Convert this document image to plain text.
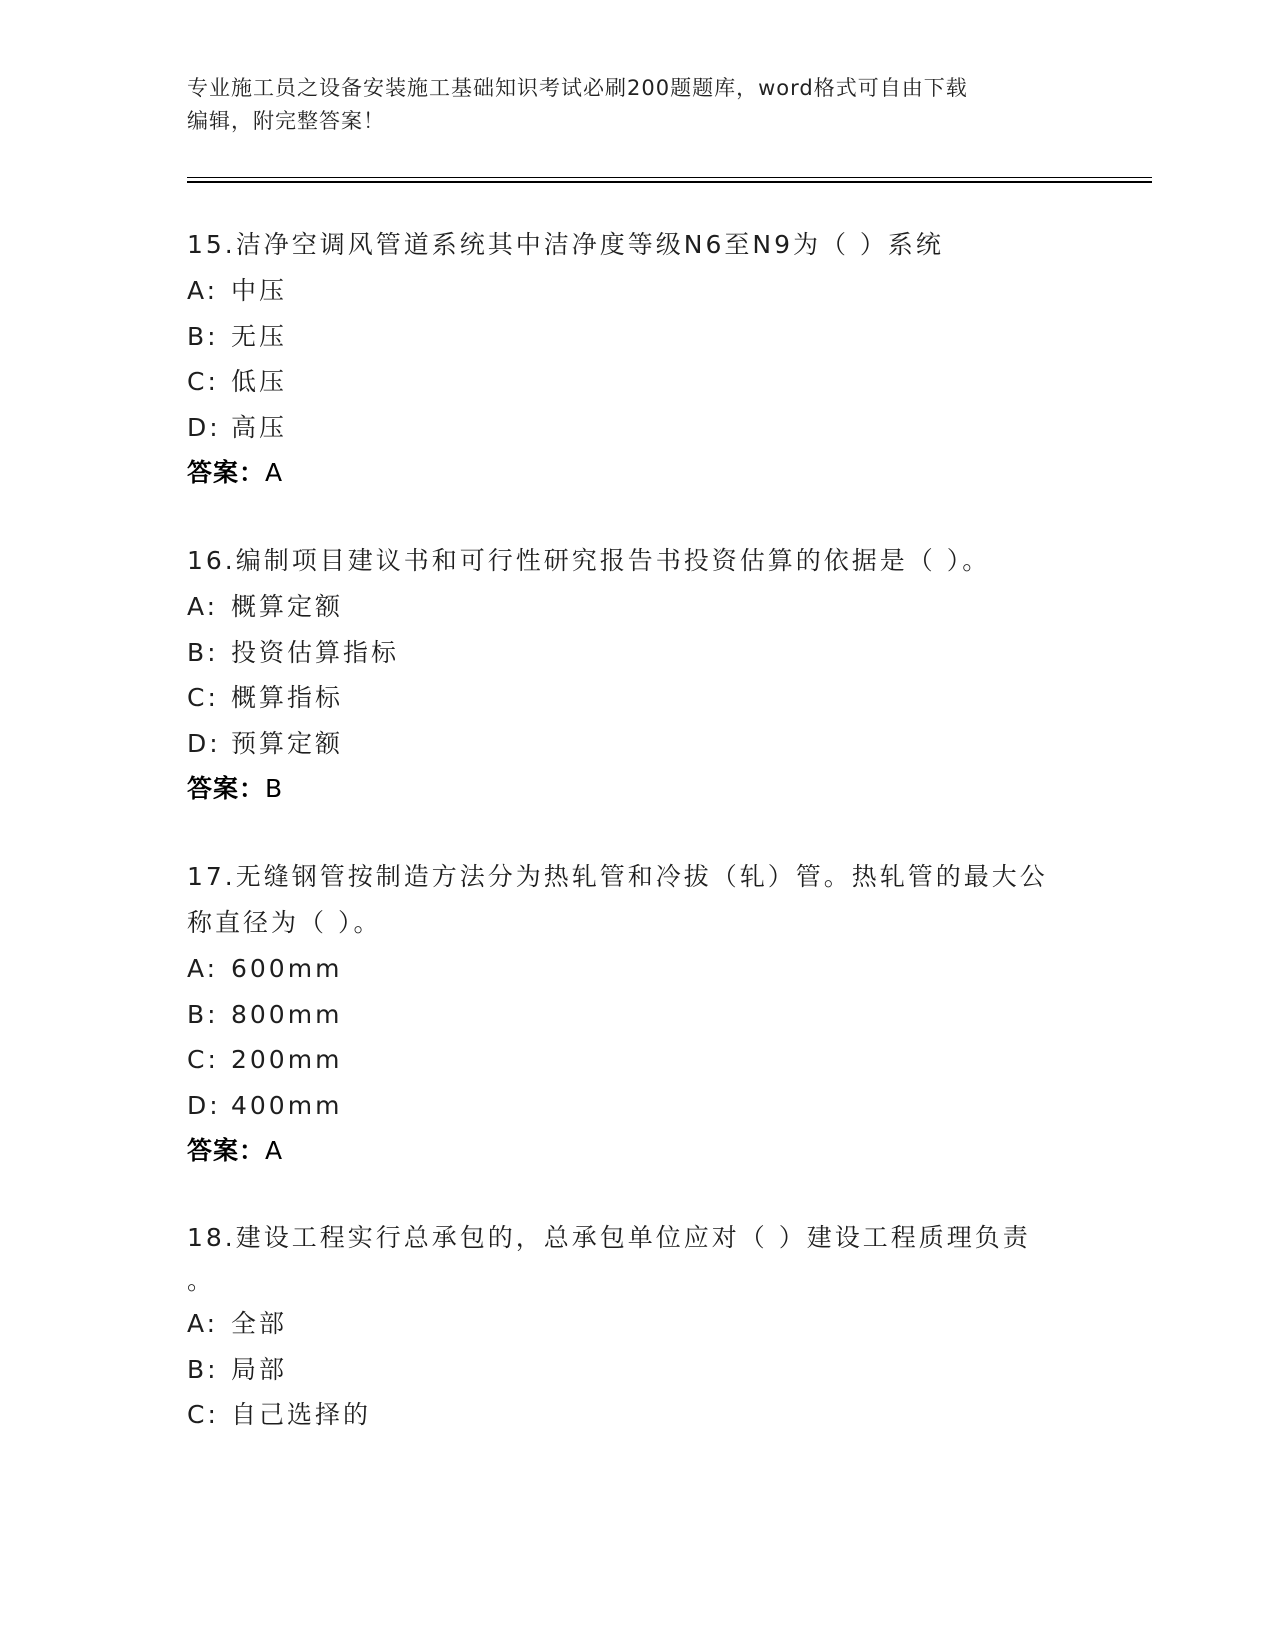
专业施工员之设备安装施工基础知识考试必刷200题题库，word格式可自由下载
编辑，附完整答案！

15.洁净空调风管道系统其中洁净度等级N6至N9为（ ）系统

A: 中压

B: 无压

C: 低压

D: 高压

答案：A

16.编制项目建议书和可行性研究报告书投资估算的依据是（ ）。

A: 概算定额

B: 投资估算指标

C: 概算指标

D: 预算定额

答案：B

17.无缝钢管按制造方法分为热轧管和冷拔（轧）管。热轧管的最大公

称直径为（ ）。

A: 600mm

B: 800mm

C: 200mm

D: 400mm

答案：A

18.建设工程实行总承包的，总承包单位应对（ ）建设工程质理负责

。

A: 全部

B: 局部

C: 自己选择的
